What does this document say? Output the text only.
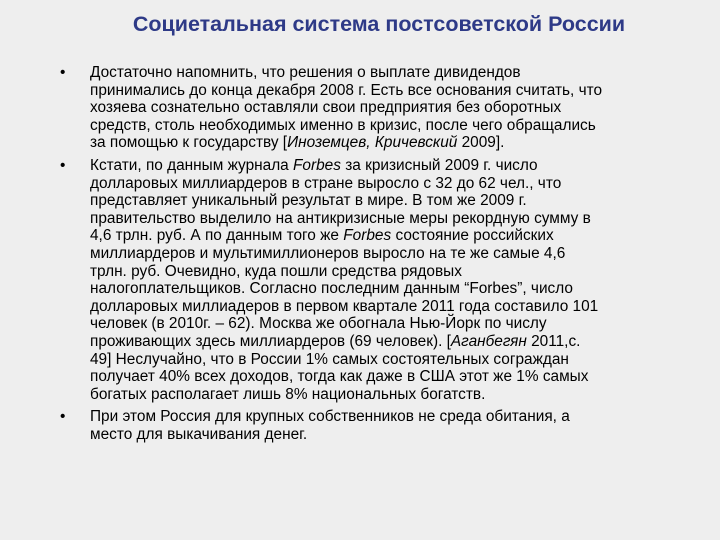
Социетальная система постсоветской России
• Достаточно напомнить, что решения о выплате дивидендов
принимались до конца декабря 2008 г. Есть все основания считать, что
хозяева сознательно оставляли свои предприятия без оборотных
средств, столь необходимых именно в кризис, после чего обращались
за помощью к государству [Иноземцев, Кричевский 2009].
• Кстати, по данным журнала Forbes за кризисный 2009 г. число
долларовых миллиардеров в стране выросло с 32 до 62 чел., что
представляет уникальный результат в мире. В том же 2009 г.
правительство выделило на антикризисные меры рекордную сумму в
4,6 трлн. руб. А по данным того же Forbes состояние российских
миллиардеров и мультимиллионеров выросло на те же самые 4,6
трлн. руб. Очевидно, куда пошли средства рядовых
налогоплательщиков. Согласно последним данным “Forbes”, число
долларовых миллиадеров в первом квартале 2011 года составило 101
человек (в 2010г. – 62). Москва же обогнала Нью-Йорк по числу
проживающих здесь миллиардеров (69 человек). [Аганбегян 2011,с.
49] Неслучайно, что в России 1% самых состоятельных сограждан
получает 40% всех доходов, тогда как даже в США этот же 1% самых
богатых располагает лишь 8% национальных богатств.
• При этом Россия для крупных собственников не среда обитания, а
место для выкачивания денег.
